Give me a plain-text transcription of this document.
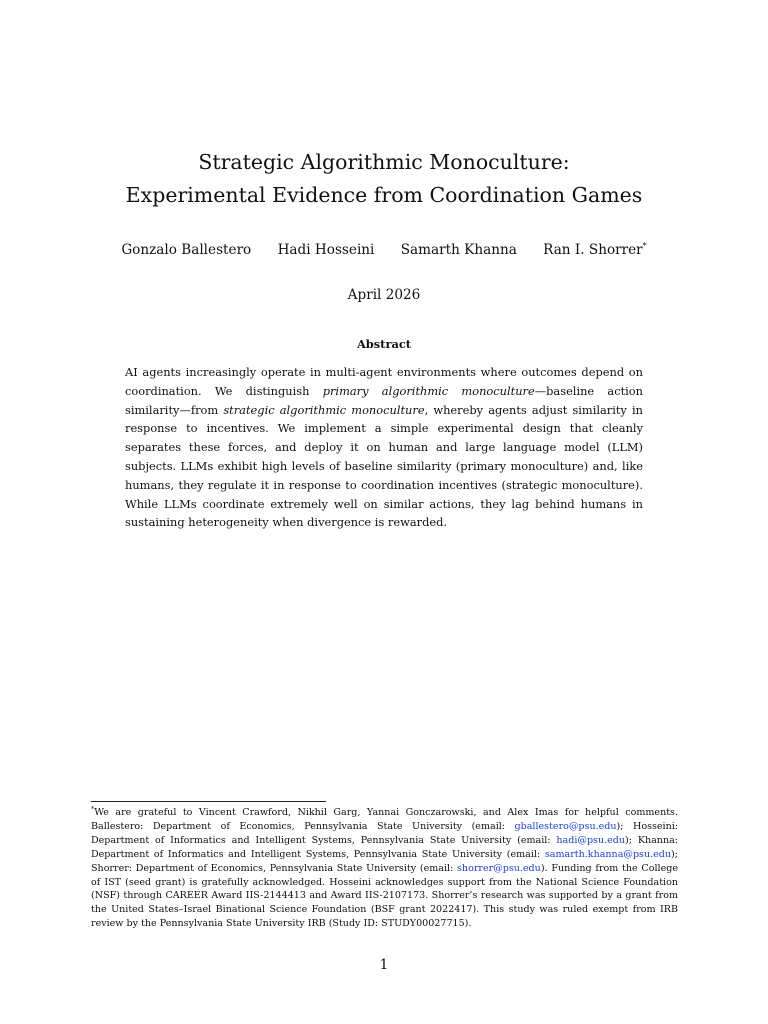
Strategic Algorithmic Monoculture:
Experimental Evidence from Coordination Games
Gonzalo Ballestero Hadi Hosseini Samarth Khanna Ran I. Shorrer*
April 2026
Abstract

AI agents increasingly operate in multi-agent environments where outcomes depend on coordination. We distinguish primary algorithmic monoculture—baseline action similarity—from strategic algorithmic monoculture, whereby agents adjust similarity in response to incentives. We implement a simple experimental design that cleanly separates these forces, and deploy it on human and large language model (LLM) subjects. LLMs exhibit high levels of baseline similarity (primary monoculture) and, like humans, they regulate it in response to coordination incentives (strategic monoculture). While LLMs coordinate extremely well on similar actions, they lag behind humans in sustaining heterogeneity when divergence is rewarded.

*We are grateful to Vincent Crawford, Nikhil Garg, Yannai Gonczarowski, and Alex Imas for helpful comments. Ballestero: Department of Economics, Pennsylvania State University (email: gballestero@psu.edu); Hosseini: Department of Informatics and Intelligent Systems, Pennsylvania State University (email: hadi@psu.edu); Khanna: Department of Informatics and Intelligent Systems, Pennsylvania State University (email: samarth.khanna@psu.edu); Shorrer: Department of Economics, Pennsylvania State University (email: shorrer@psu.edu). Funding from the College of IST (seed grant) is gratefully acknowledged. Hosseini acknowledges support from the National Science Foundation (NSF) through CAREER Award IIS-2144413 and Award IIS-2107173. Shorrer’s research was supported by a grant from the United States–Israel Binational Science Foundation (BSF grant 2022417). This study was ruled exempt from IRB review by the Pennsylvania State University IRB (Study ID: STUDY00027715).

1
